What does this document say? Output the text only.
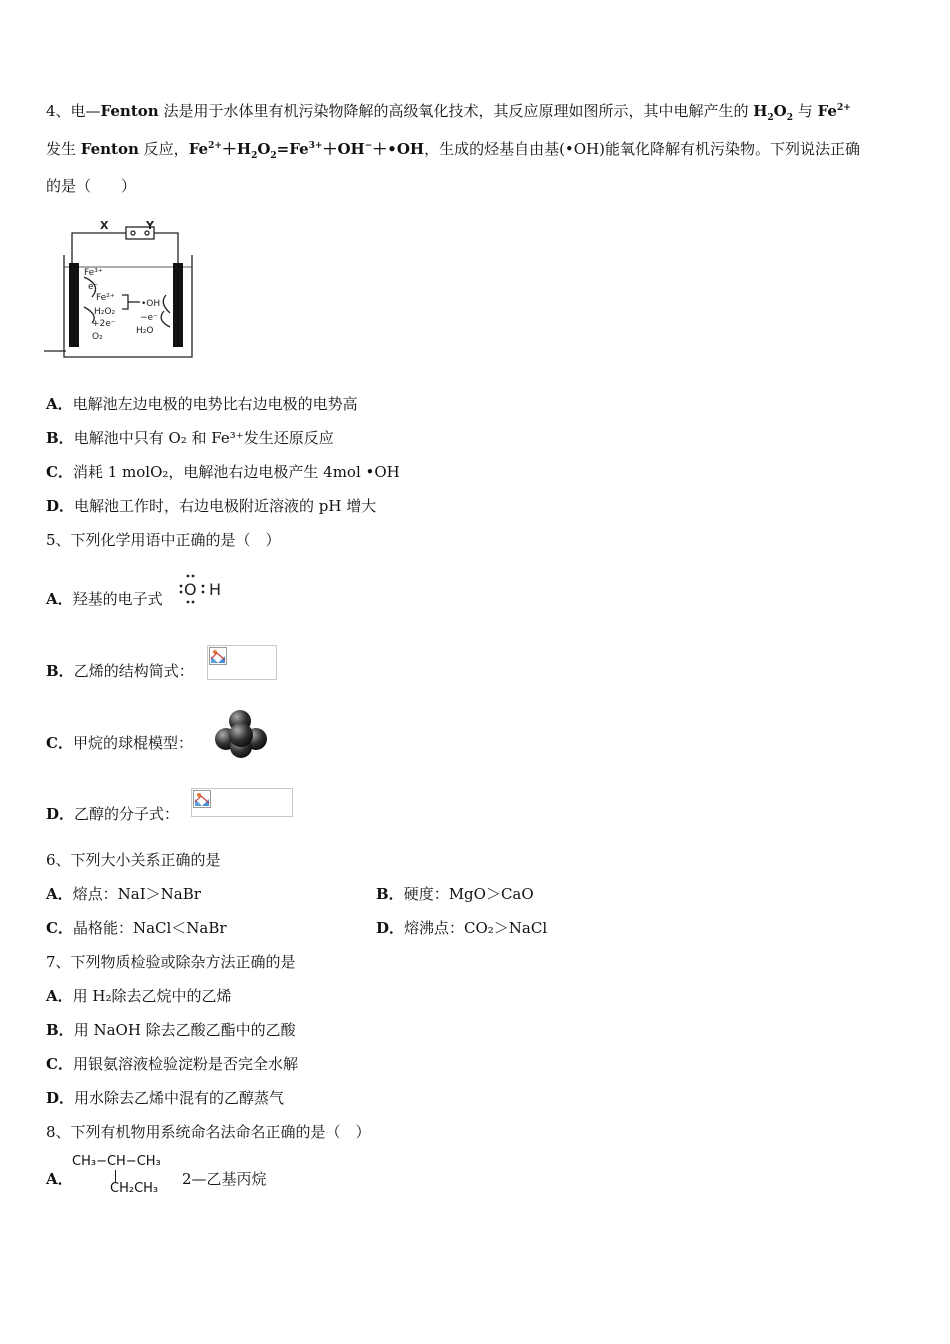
4、电—Fenton 法是用于水体里有机污染物降解的高级氧化技术，其反应原理如图所示，其中电解产生的 $H_2O_2$ 与 $Fe^{2+}$
发生 Fenton 反应，$Fe^{2+}+H_2O_2=Fe^{3+}+OH^-+•OH$，生成的烃基自由基(•OH)能氧化降解有机污染物。下列说法正确
的是（　　）
X	Y
Fe³⁺
e⁻
Fe²⁺
H₂O₂
+2e⁻
O₂
•OH
−e⁻
H₂O
A．电解池左边电极的电势比右边电极的电势高
B．电解池中只有 O₂ 和 Fe³⁺发生还原反应
C．消耗 1 molO₂，电解池右边电极产生 4mol •OH
D．电解池工作时，右边电极附近溶液的 pH 增大
5、下列化学用语中正确的是（　）
A．羟基的电子式 O H
B．乙烯的结构简式：
C．甲烷的球棍模型：
D．乙醇的分子式：
6、下列大小关系正确的是
A．熔点：NaI＞NaBr	B．硬度：MgO＞CaO
C．晶格能：NaCl＜NaBr	D．熔沸点：CO₂＞NaCl
7、下列物质检验或除杂方法正确的是
A．用 H₂除去乙烷中的乙烯
B．用 NaOH 除去乙酸乙酯中的乙酸
C．用银氨溶液检验淀粉是否完全水解
D．用水除去乙烯中混有的乙醇蒸气
8、下列有机物用系统命名法命名正确的是（　）
A．
CH₃−CH−CH₃
CH₂CH₃
2—乙基丙烷
